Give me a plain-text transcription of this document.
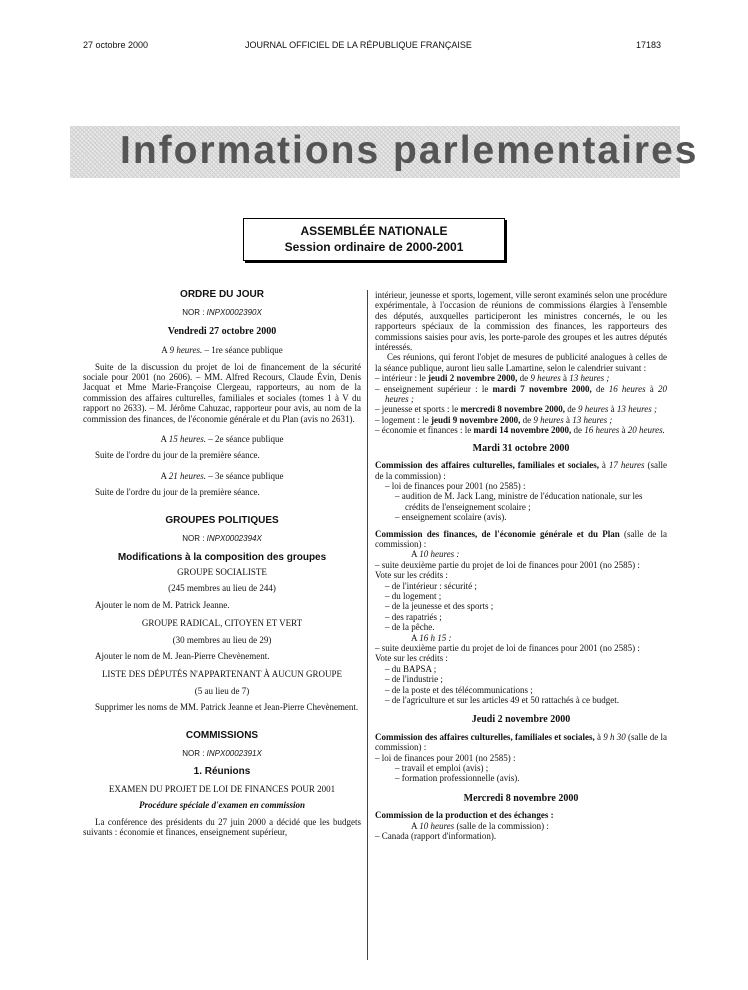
27 octobre 2000	JOURNAL OFFICIEL DE LA RÉPUBLIQUE FRANÇAISE	17183
Informations parlementaires
ASSEMBLÉE NATIONALE
Session ordinaire de 2000-2001

ORDRE DU JOUR

NOR : INPX0002390X

Vendredi 27 octobre 2000

A 9 heures. – 1re séance publique

Suite de la discussion du projet de loi de financement de la sécurité sociale pour 2001 (no 2606). – MM. Alfred Recours, Claude Évin, Denis Jacquat et Mme Marie-Françoise Clergeau, rapporteurs, au nom de la commission des affaires culturelles, familiales et sociales (tomes 1 à V du rapport no 2633). – M. Jérôme Cahuzac, rapporteur pour avis, au nom de la commission des finances, de l'économie générale et du Plan (avis no 2631).

A 15 heures. – 2e séance publique

Suite de l'ordre du jour de la première séance.

A 21 heures. – 3e séance publique

Suite de l'ordre du jour de la première séance.

GROUPES POLITIQUES

NOR : INPX0002394X

Modifications à la composition des groupes

GROUPE SOCIALISTE

(245 membres au lieu de 244)

Ajouter le nom de M. Patrick Jeanne.

GROUPE RADICAL, CITOYEN ET VERT

(30 membres au lieu de 29)

Ajouter le nom de M. Jean-Pierre Chevènement.

LISTE DES DÉPUTÉS N'APPARTENANT À AUCUN GROUPE

(5 au lieu de 7)

Supprimer les noms de MM. Patrick Jeanne et Jean-Pierre Chevènement.

COMMISSIONS

NOR : INPX0002391X

1. Réunions

EXAMEN DU PROJET DE LOI DE FINANCES POUR 2001

Procédure spéciale d'examen en commission

La conférence des présidents du 27 juin 2000 a décidé que les budgets suivants : économie et finances, enseignement supérieur,

intérieur, jeunesse et sports, logement, ville seront examinés selon une procédure expérimentale, à l'occasion de réunions de commissions élargies à l'ensemble des députés, auxquelles participeront les ministres concernés, le ou les rapporteurs spéciaux de la commission des finances, les rapporteurs des commissions saisies pour avis, les porte-parole des groupes et les autres députés intéressés.

Ces réunions, qui feront l'objet de mesures de publicité analogues à celles de la séance publique, auront lieu salle Lamartine, selon le calendrier suivant :

– intérieur : le jeudi 2 novembre 2000, de 9 heures à 13 heures ;

– enseignement supérieur : le mardi 7 novembre 2000, de 16 heures à 20 heures ;

– jeunesse et sports : le mercredi 8 novembre 2000, de 9 heures à 13 heures ;

– logement : le jeudi 9 novembre 2000, de 9 heures à 13 heures ;

– économie et finances : le mardi 14 novembre 2000, de 16 heures à 20 heures.

Mardi 31 octobre 2000

Commission des affaires culturelles, familiales et sociales, à 17 heures (salle de la commission) :

– loi de finances pour 2001 (no 2585) :

– audition de M. Jack Lang, ministre de l'éducation nationale, sur les crédits de l'enseignement scolaire ;

– enseignement scolaire (avis).

Commission des finances, de l'économie générale et du Plan (salle de la commission) :

A 10 heures :

– suite deuxième partie du projet de loi de finances pour 2001 (no 2585) :

Vote sur les crédits :

– de l'intérieur : sécurité ;

– du logement ;

– de la jeunesse et des sports ;

– des rapatriés ;

– de la pêche.

A 16 h 15 :

– suite deuxième partie du projet de loi de finances pour 2001 (no 2585) :

Vote sur les crédits :

– du BAPSA ;

– de l'industrie ;

– de la poste et des télécommunications ;

– de l'agriculture et sur les articles 49 et 50 rattachés à ce budget.

Jeudi 2 novembre 2000

Commission des affaires culturelles, familiales et sociales, à 9 h 30 (salle de la commission) :

– loi de finances pour 2001 (no 2585) :

– travail et emploi (avis) ;

– formation professionnelle (avis).

Mercredi 8 novembre 2000

Commission de la production et des échanges :

A 10 heures (salle de la commission) :

– Canada (rapport d'information).
